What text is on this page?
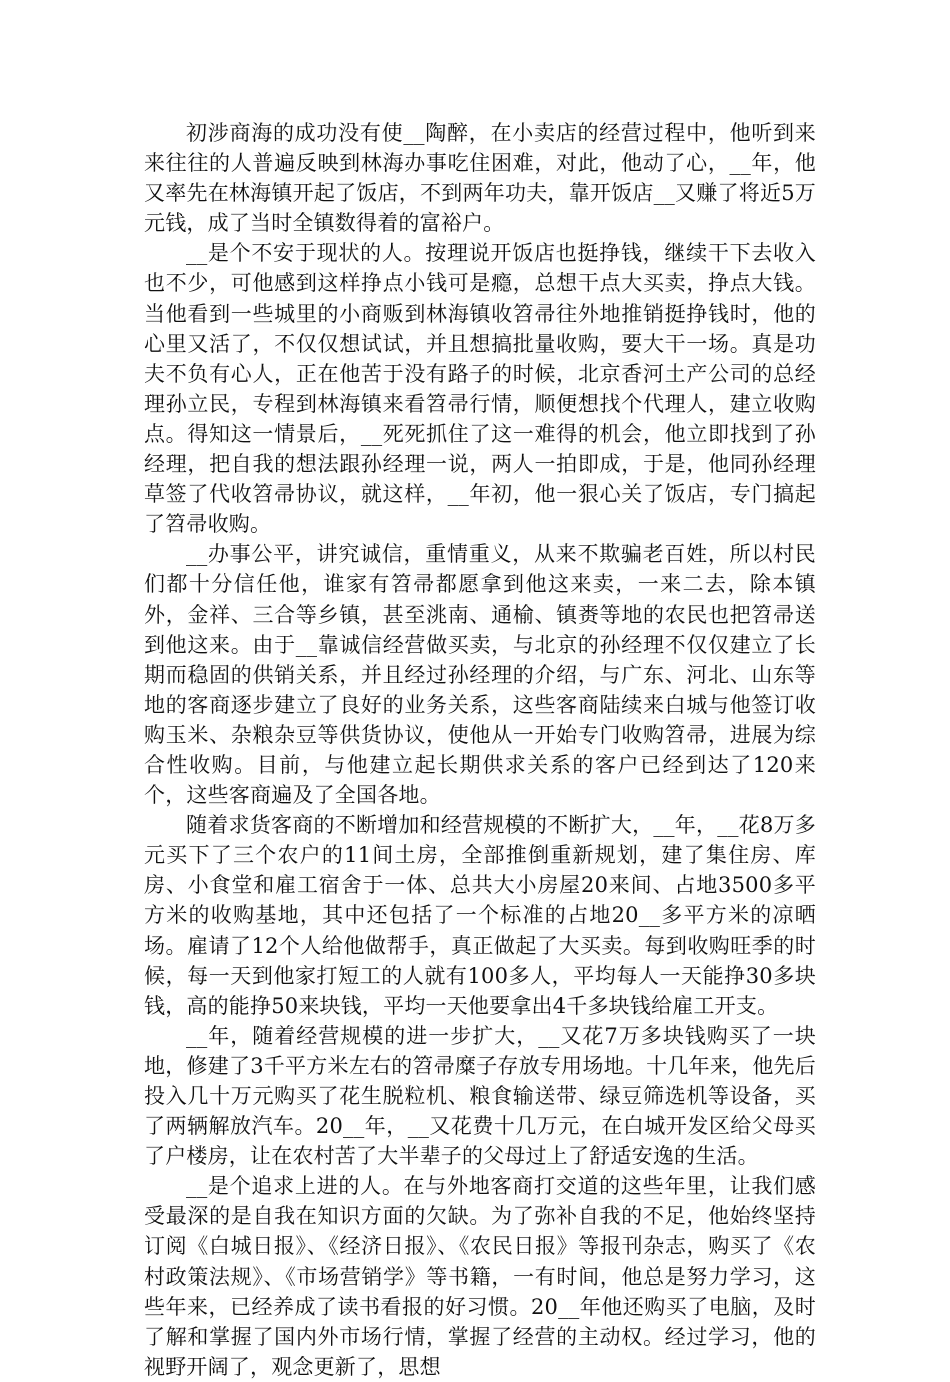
初涉商海的成功没有使__陶醉，在小卖店的经营过程中，他听到来来往往的人普遍反映到林海办事吃住困难，对此，他动了心，__年，他又率先在林海镇开起了饭店，不到两年功夫，靠开饭店__又赚了将近5万元钱，成了当时全镇数得着的富裕户。

__是个不安于现状的人。按理说开饭店也挺挣钱，继续干下去收入也不少，可他感到这样挣点小钱可是瘾，总想干点大买卖，挣点大钱。当他看到一些城里的小商贩到林海镇收笤帚往外地推销挺挣钱时，他的心里又活了，不仅仅想试试，并且想搞批量收购，要大干一场。真是功夫不负有心人，正在他苦于没有路子的时候，北京香河土产公司的总经理孙立民，专程到林海镇来看笤帚行情，顺便想找个代理人，建立收购点。得知这一情景后，__死死抓住了这一难得的机会，他立即找到了孙经理，把自我的想法跟孙经理一说，两人一拍即成，于是，他同孙经理草签了代收笤帚协议，就这样，__年初，他一狠心关了饭店，专门搞起了笤帚收购。

__办事公平，讲究诚信，重情重义，从来不欺骗老百姓，所以村民们都十分信任他，谁家有笤帚都愿拿到他这来卖，一来二去，除本镇外，金祥、三合等乡镇，甚至洮南、通榆、镇赉等地的农民也把笤帚送到他这来。由于__靠诚信经营做买卖，与北京的孙经理不仅仅建立了长期而稳固的供销关系，并且经过孙经理的介绍，与广东、河北、山东等地的客商逐步建立了良好的业务关系，这些客商陆续来白城与他签订收购玉米、杂粮杂豆等供货协议，使他从一开始专门收购笤帚，进展为综合性收购。目前，与他建立起长期供求关系的客户已经到达了120来个，这些客商遍及了全国各地。

随着求货客商的不断增加和经营规模的不断扩大，__年，__花8万多元买下了三个农户的11间土房，全部推倒重新规划，建了集住房、库房、小食堂和雇工宿舍于一体、总共大小房屋20来间、占地3500多平方米的收购基地，其中还包括了一个标准的占地20__多平方米的凉晒场。雇请了12个人给他做帮手，真正做起了大买卖。每到收购旺季的时候，每一天到他家打短工的人就有100多人，平均每人一天能挣30多块钱，高的能挣50来块钱，平均一天他要拿出4千多块钱给雇工开支。

__年，随着经营规模的进一步扩大，__又花7万多块钱购买了一块地，修建了3千平方米左右的笤帚糜子存放专用场地。十几年来，他先后投入几十万元购买了花生脱粒机、粮食输送带、绿豆筛选机等设备，买了两辆解放汽车。20__年，__又花费十几万元，在白城开发区给父母买了户楼房，让在农村苦了大半辈子的父母过上了舒适安逸的生活。

__是个追求上进的人。在与外地客商打交道的这些年里，让我们感受最深的是自我在知识方面的欠缺。为了弥补自我的不足，他始终坚持订阅《白城日报》、《经济日报》、《农民日报》等报刊杂志，购买了《农村政策法规》、《市场营销学》等书籍，一有时间，他总是努力学习，这些年来，已经养成了读书看报的好习惯。20__年他还购买了电脑，及时了解和掌握了国内外市场行情，掌握了经营的主动权。经过学习，他的视野开阔了，观念更新了，思想
